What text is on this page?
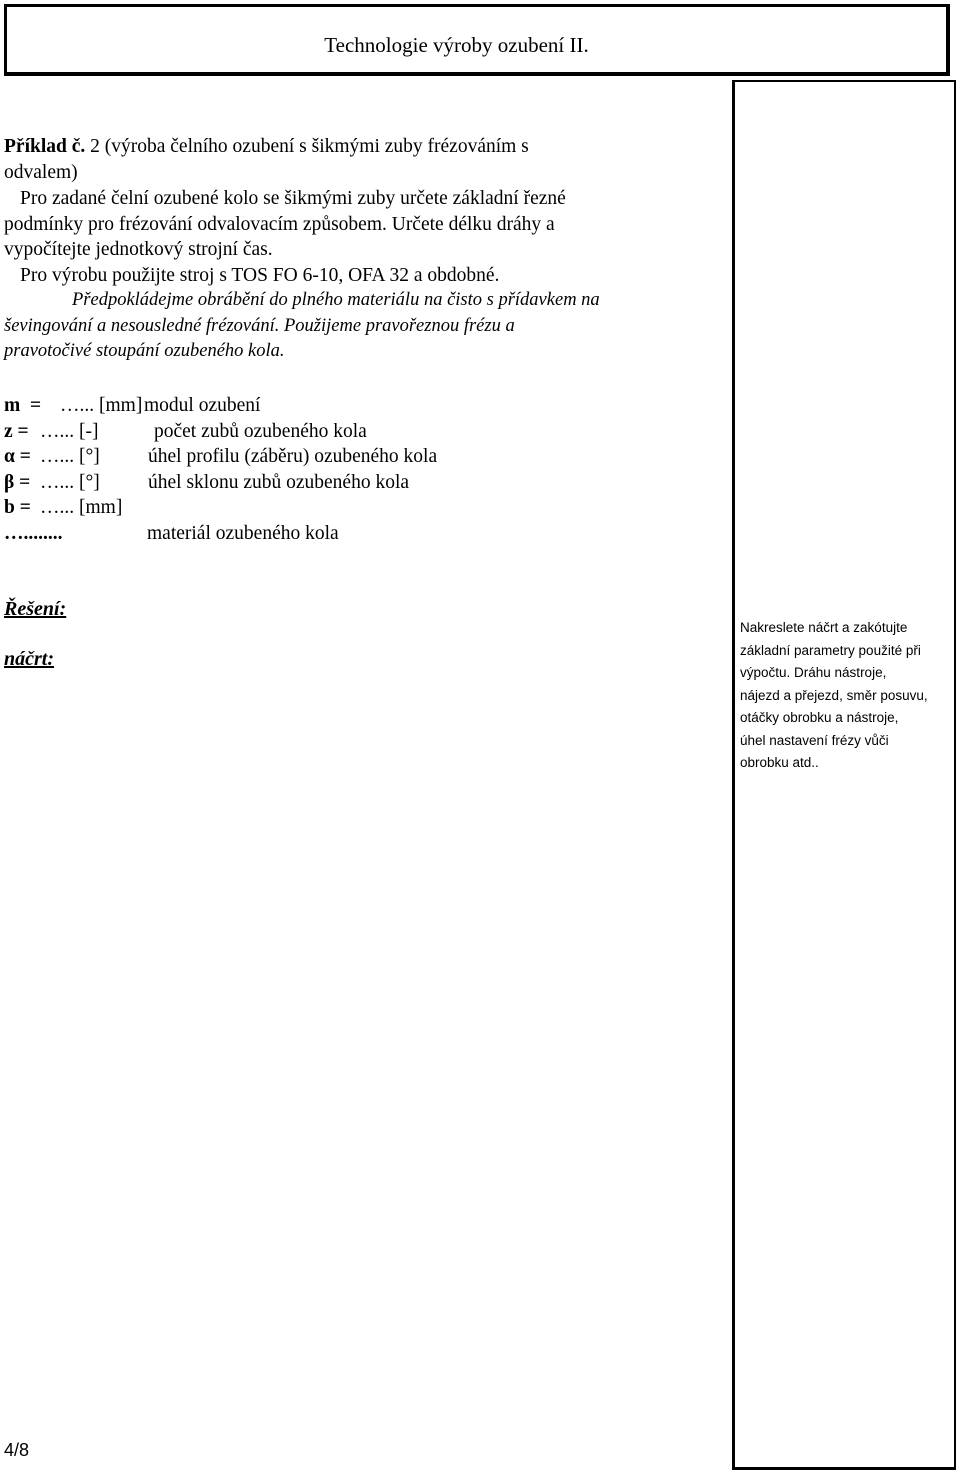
Technologie výroby ozubení II.
Nakreslete náčrt a zakótujte
základní parametry použité při
výpočtu. Dráhu nástroje,
nájezd a přejezd, směr posuvu,
otáčky obrobku a nástroje,
úhel nastavení frézy vůči
obrobku atd..
Příklad č. 2 (výroba čelního ozubení s šikmými zuby frézováním s
odvalem)
Pro zadané čelní ozubené kolo se šikmými zuby určete základní řezné
podmínky pro frézování odvalovacím způsobem. Určete délku dráhy a
vypočítejte jednotkový strojní čas.
Pro výrobu použijte stroj s TOS FO 6-10, OFA 32 a obdobné.
Předpokládejme obrábění do plného materiálu na čisto s přídavkem na
ševingování a nesousledné frézování. Použijeme pravořeznou frézu a
pravotočivé stoupání ozubeného kola.
m  = …... [mm]modul ozubení
z = …... [-]	počet zubů ozubeného kola
α = …... [°] úhel profilu (záběru) ozubeného kola
β = …... [°] úhel sklonu zubů ozubeného kola
b = …... [mm]
…........	materiál ozubeného kola
Řešení:
náčrt:
4/8
